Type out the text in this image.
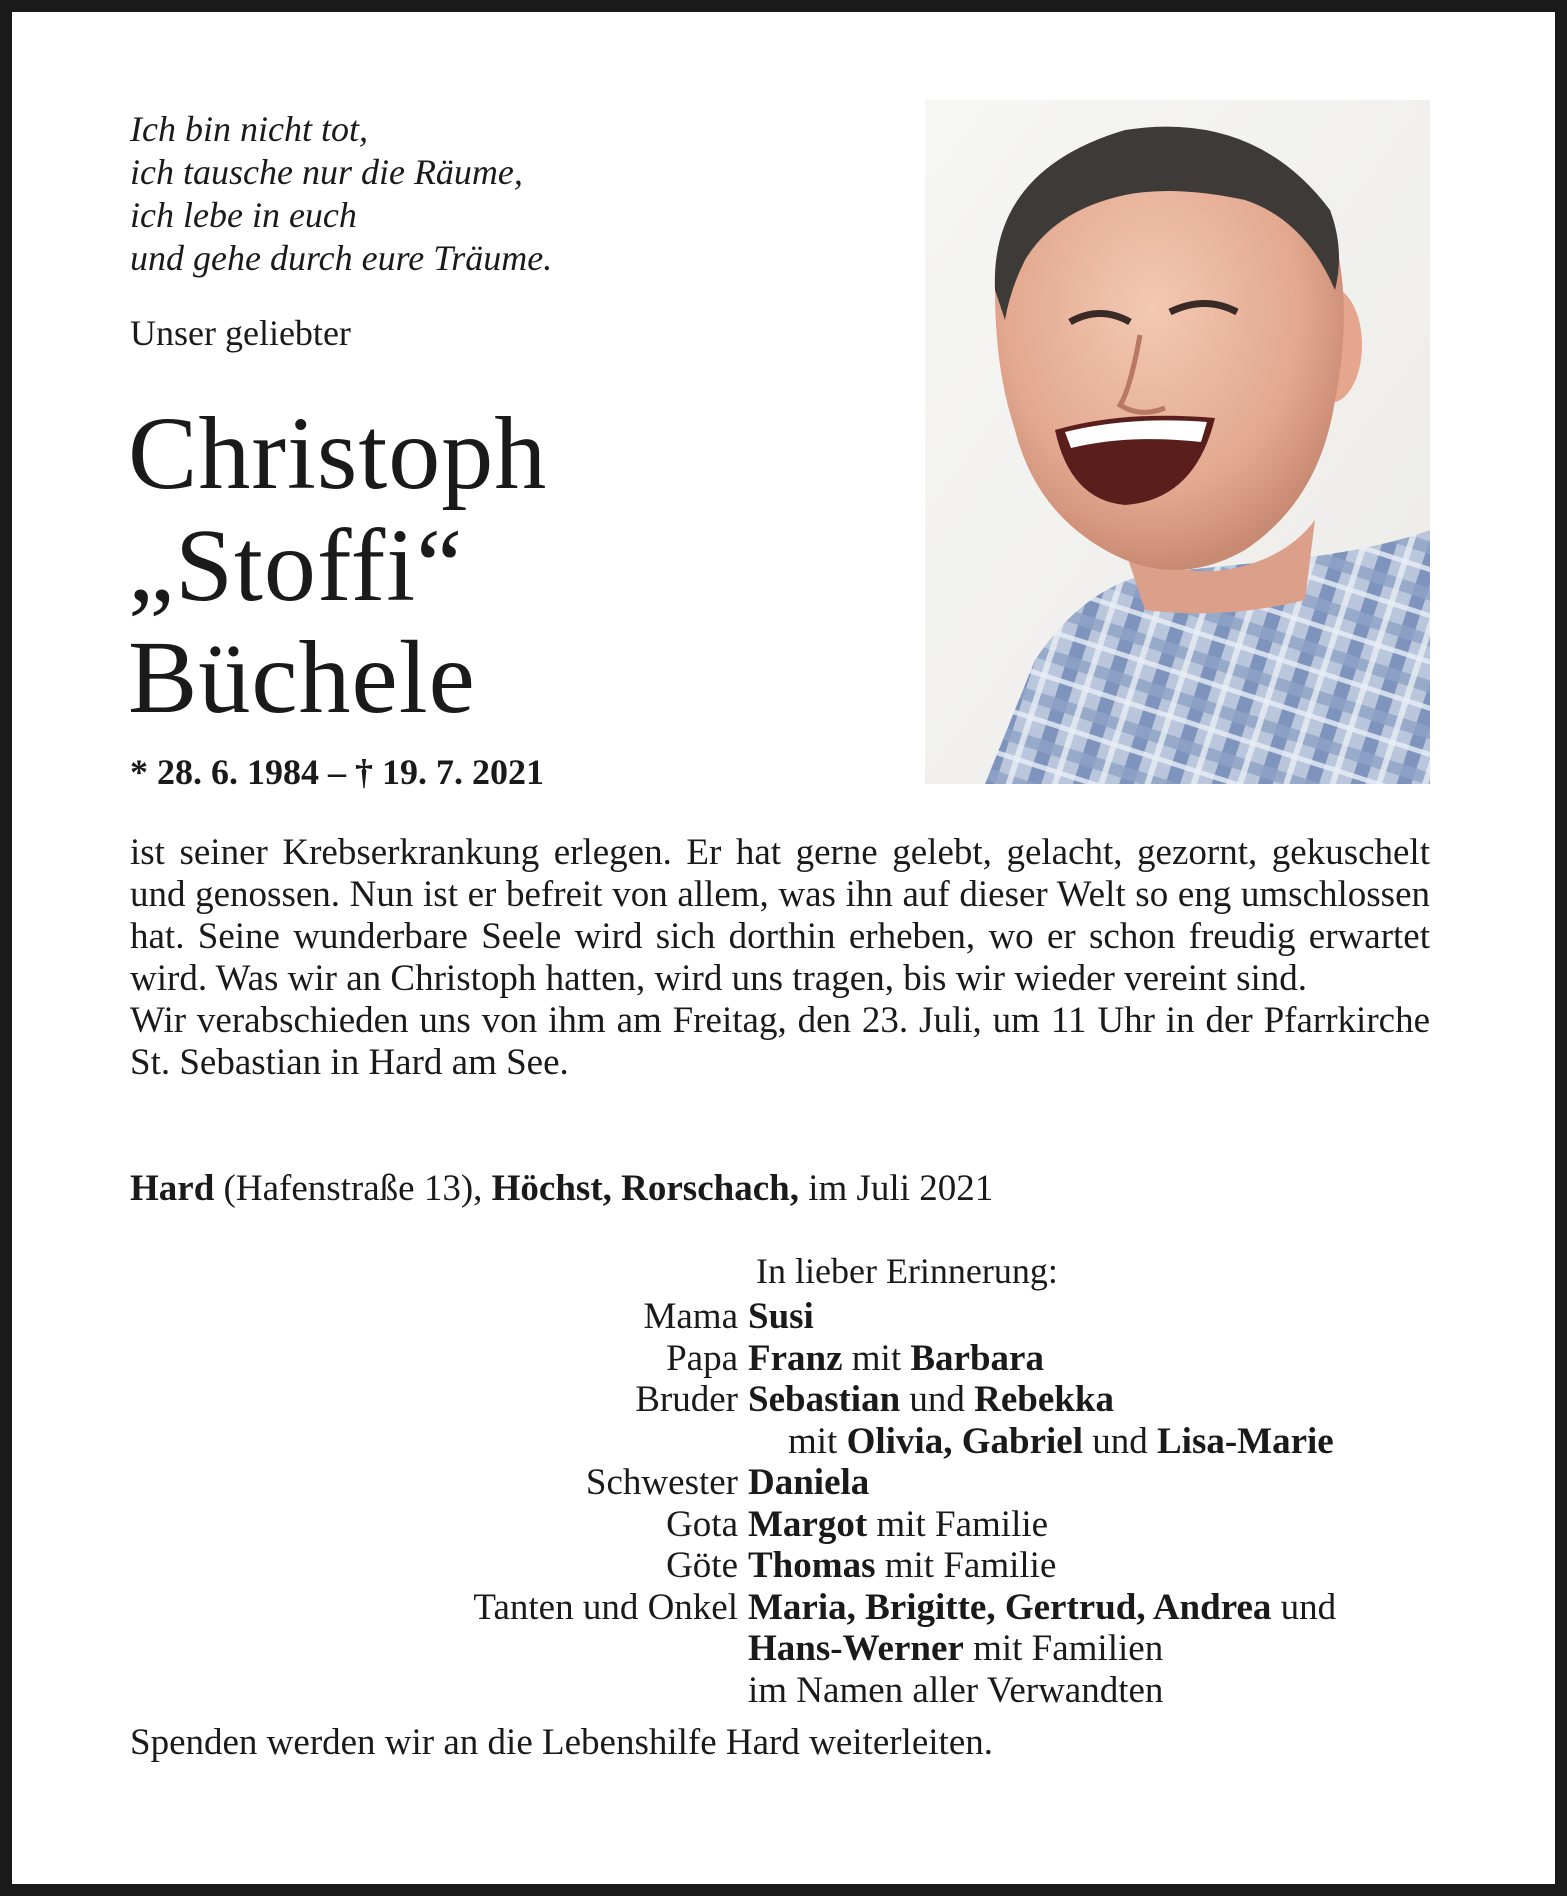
Ich bin nicht tot,
ich tausche nur die Räume,
ich lebe in euch
und gehe durch eure Träume.
Unser geliebter
Christoph
„Stoffi“
Büchele
* 28. 6. 1984 – † 19. 7. 2021

ist seiner Krebserkrankung erlegen. Er hat gerne gelebt, gelacht, gezornt, gekuschelt und genossen. Nun ist er befreit von allem, was ihn auf dieser Welt so eng umschlossen hat. Seine wunderbare Seele wird sich dorthin erheben, wo er schon freudig erwartet wird. Was wir an Christoph hatten, wird uns tragen, bis wir wieder vereint sind.

Wir verabschieden uns von ihm am Freitag, den 23. Juli, um 11 Uhr in der Pfarrkirche St. Sebastian in Hard am See.

Hard (Hafenstraße 13), Höchst, Rorschach, im Juli 2021
In lieber Erinnerung:
Mama Susi
Papa Franz mit Barbara
Bruder Sebastian und Rebekka
mit Olivia, Gabriel und Lisa-Marie
Schwester Daniela
Gota Margot mit Familie
Göte Thomas mit Familie
Tanten und Onkel Maria, Brigitte, Gertrud, Andrea und
Hans-Werner mit Familien
im Namen aller Verwandten
Spenden werden wir an die Lebenshilfe Hard weiterleiten.
